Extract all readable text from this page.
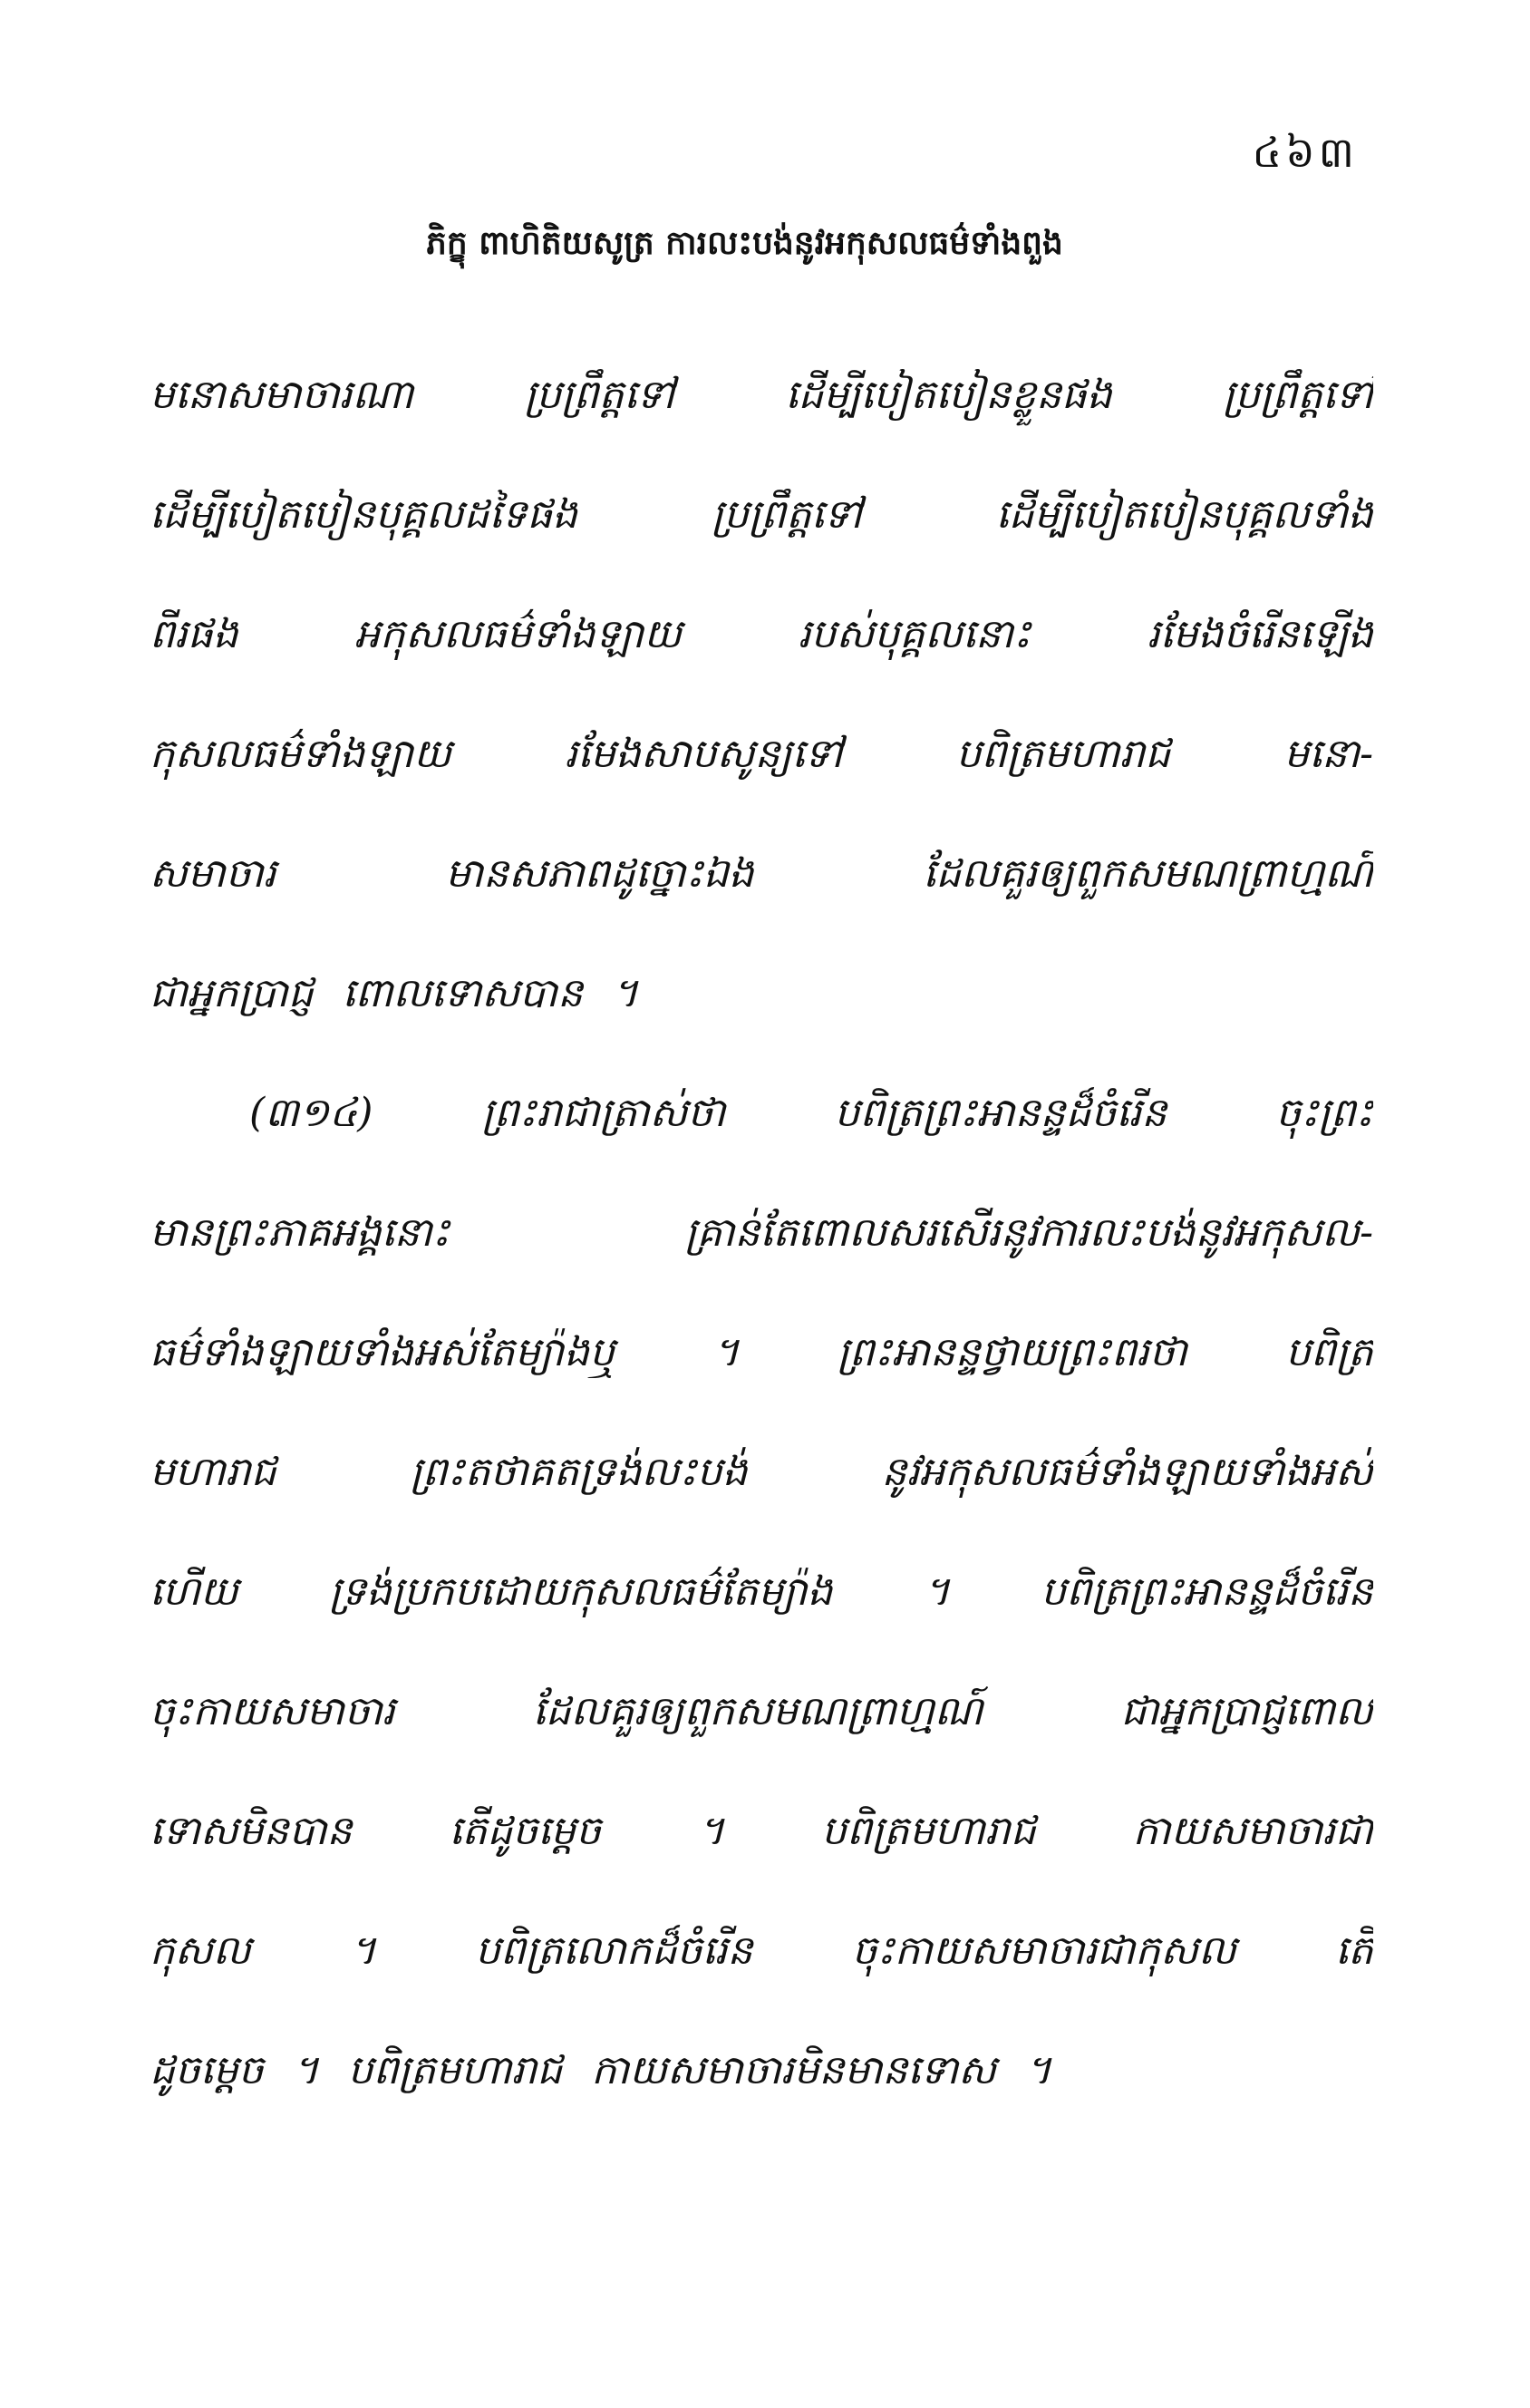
៤៦៣
ភិក្ខុ ពាហិតិយសូត្រ ការលះបង់នូវអកុសលធម៌ទាំងពួង
មនោសមាចារណា ប្រព្រឹត្តទៅ ដើម្បីបៀតបៀនខ្លួនផង ប្រព្រឹត្តទៅ
ដើម្បីបៀតបៀនបុគ្គលដទៃផង ប្រព្រឹត្តទៅ ដើម្បីបៀតបៀនបុគ្គលទាំង
ពីរផង អកុសលធម៌ទាំងឡាយ របស់បុគ្គលនោះ រមែងចំរើនឡើង
កុសលធម៌ទាំងឡាយ រមែងសាបសូន្យទៅ បពិត្រមហារាជ មនោ-
សមាចារ មានសភាពដូច្នោះឯង ដែលគួរឲ្យពួកសមណព្រាហ្មណ៍
ជាអ្នកប្រាជ្ញ ពោលទោសបាន ។
(៣១៤) ព្រះរាជាត្រាស់ថា បពិត្រព្រះអានន្ទដ៏ចំរើន ចុះព្រះ
មានព្រះភាគអង្គនោះ គ្រាន់តែពោលសរសើរនូវការលះបង់នូវអកុសល-
ធម៌ទាំងឡាយទាំងអស់តែម្យ៉ាងឬ ។ ព្រះអានន្ទថ្វាយព្រះពរថា បពិត្រ
មហារាជ ព្រះតថាគតទ្រង់លះបង់ នូវអកុសលធម៌ទាំងឡាយទាំងអស់
ហើយ ទ្រង់ប្រកបដោយកុសលធម៌តែម្យ៉ាង ។ បពិត្រព្រះអានន្ទដ៏ចំរើន
ចុះកាយសមាចារ ដែលគួរឲ្យពួកសមណព្រាហ្មណ៍ ជាអ្នកប្រាជ្ញពោល
ទោសមិនបាន តើដូចម្តេច ។ បពិត្រមហារាជ កាយសមាចារជា
កុសល ។ បពិត្រលោកដ៏ចំរើន ចុះកាយសមាចារជាកុសល តើ
ដូចម្តេច ។ បពិត្រមហារាជ កាយសមាចារមិនមានទោស ។
